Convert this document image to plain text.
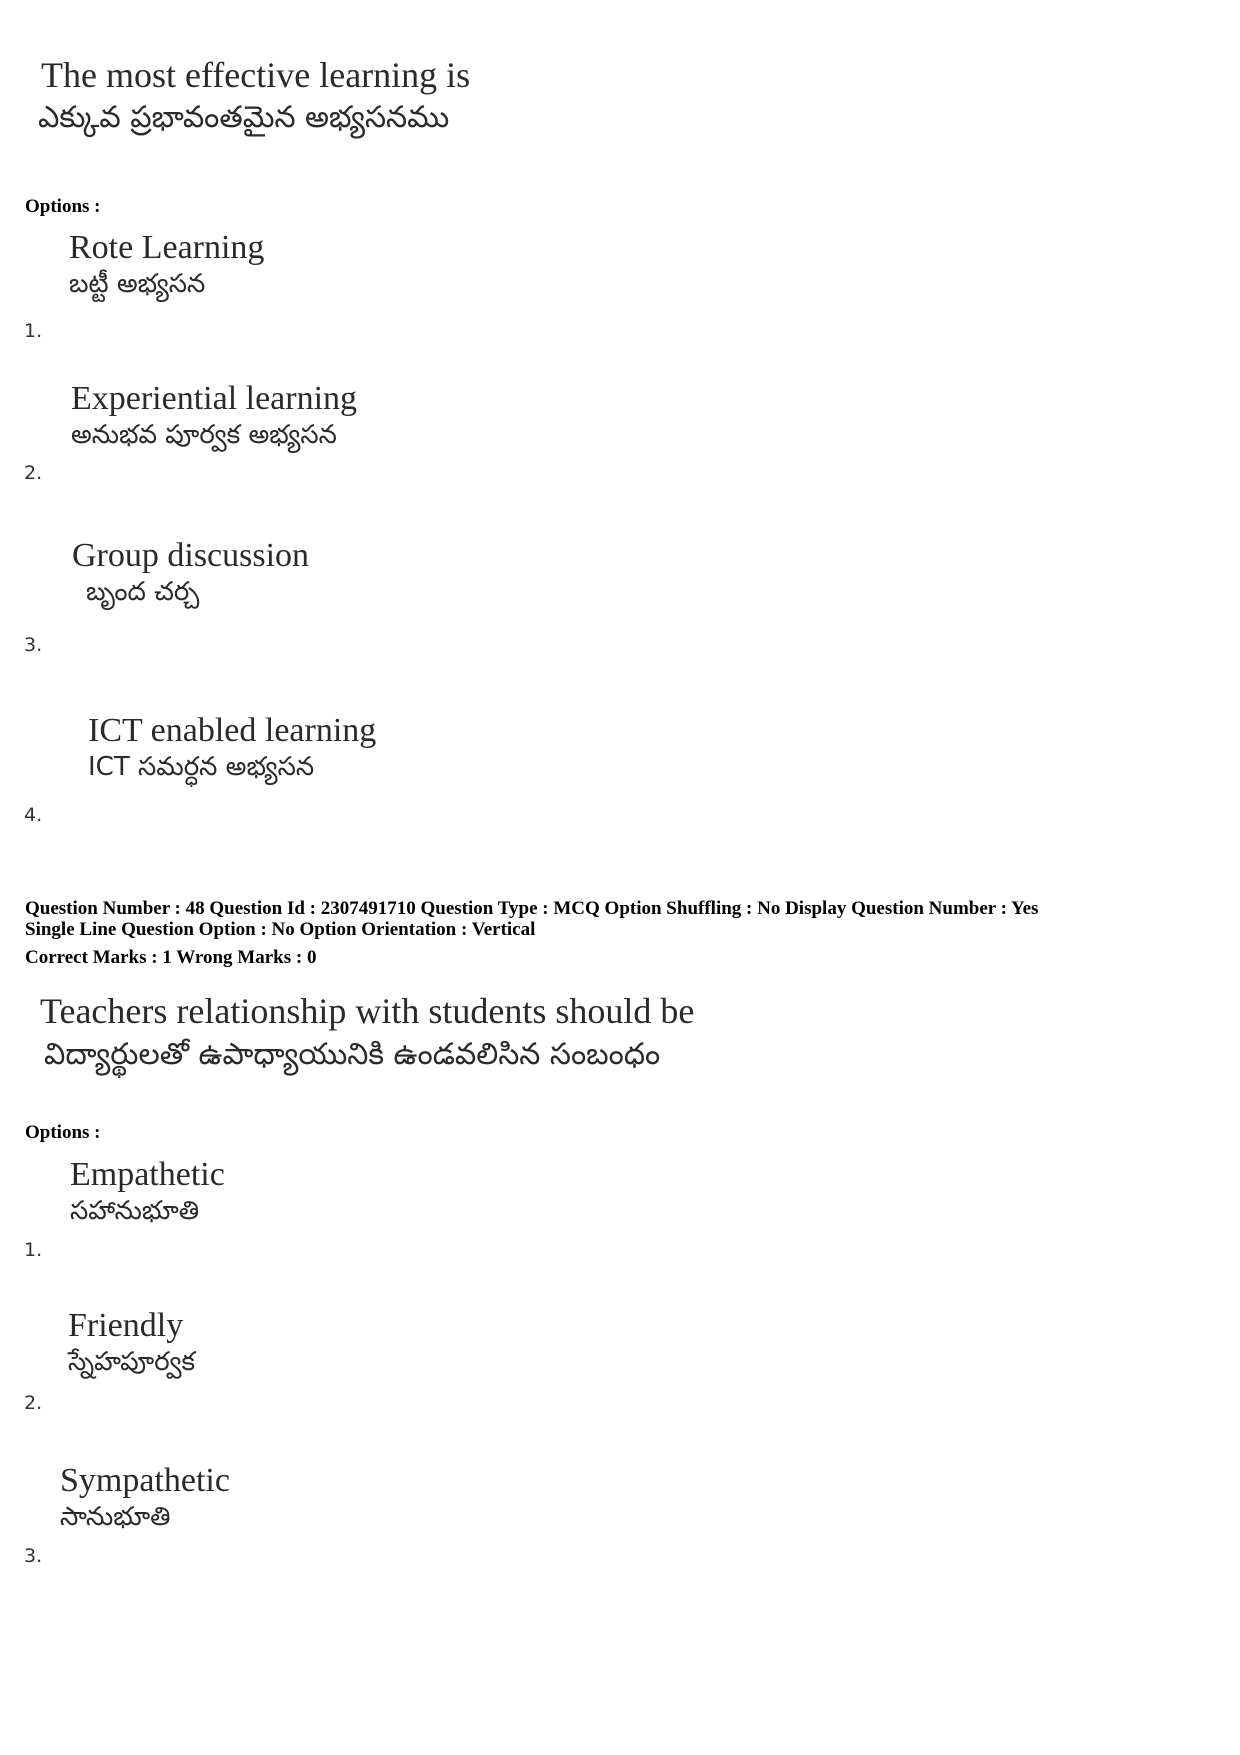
The most effective learning is
ఎక్కువ ప్రభావంతమైన అభ్యసనము
Options :
Rote Learning
బట్టీ అభ్యసన
1.
Experiential learning
అనుభవ పూర్వక అభ్యసన
2.
Group discussion
బృంద చర్చ
3.
ICT enabled learning
ICT సమర్ధన అభ్యసన
4.
Question Number : 48 Question Id : 2307491710 Question Type : MCQ Option Shuffling : No Display Question Number : Yes
Single Line Question Option : No Option Orientation : Vertical
Correct Marks : 1 Wrong Marks : 0
Teachers relationship with students should be
విద్యార్థులతో ఉపాధ్యాయునికి ఉండవలిసిన సంబంధం
Options :
Empathetic
సహానుభూతి
1.
Friendly
స్నేహపూర్వక
2.
Sympathetic
సానుభూతి
3.
